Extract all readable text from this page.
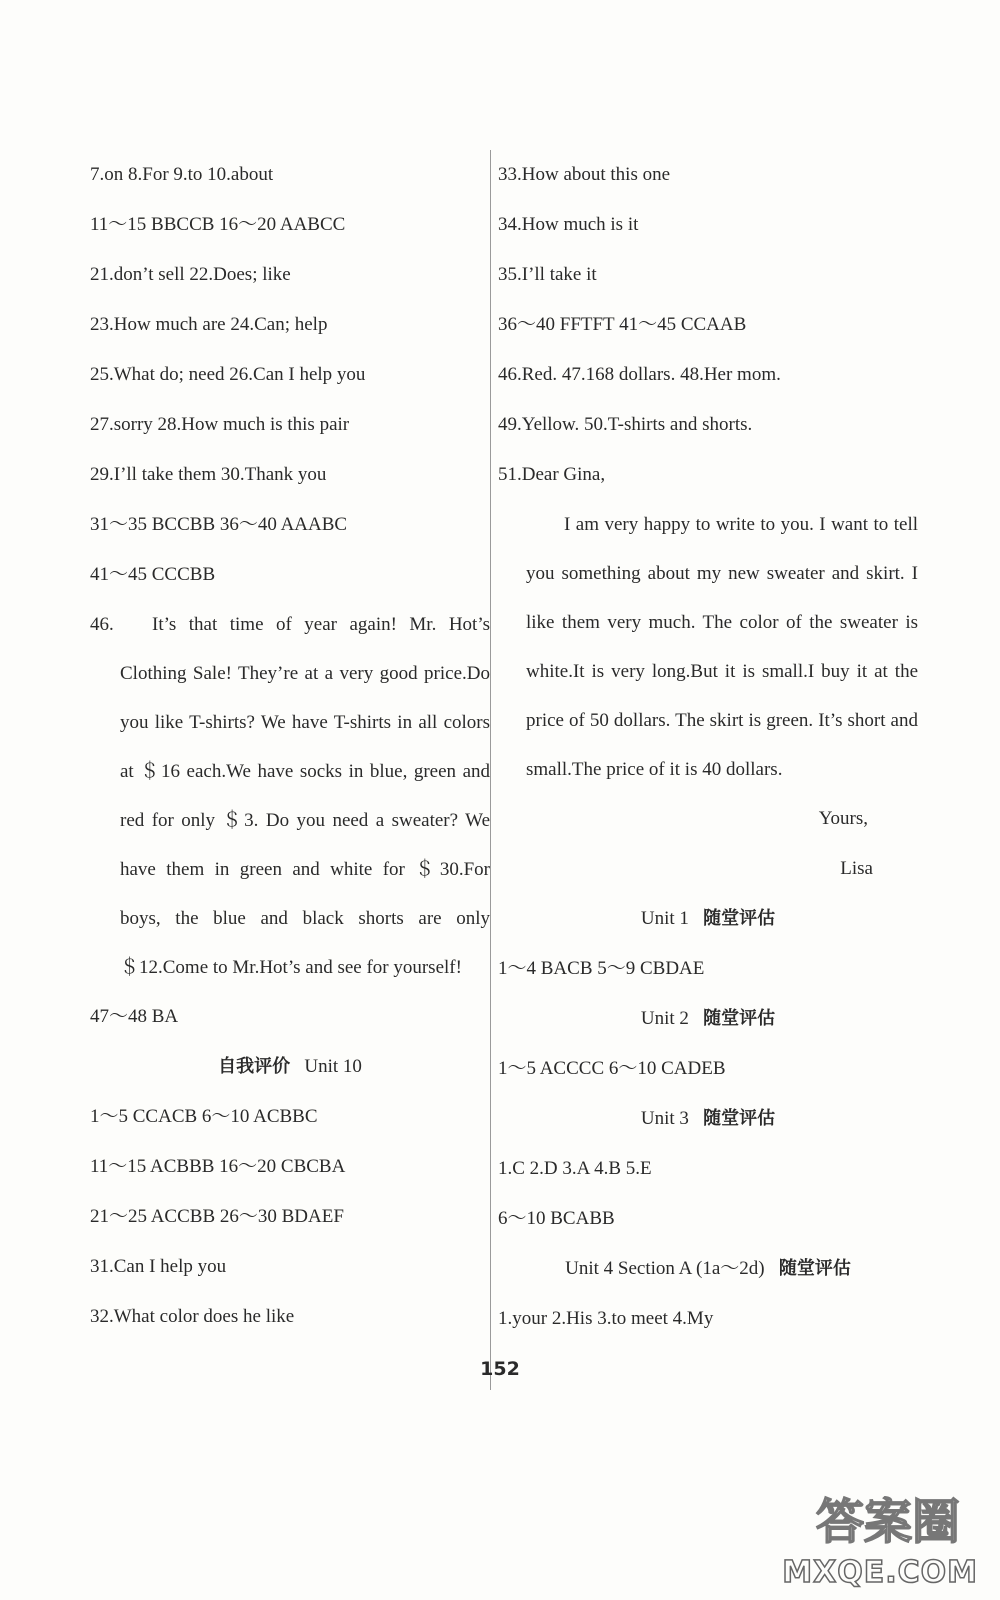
7.on 8.For 9.to 10.about
11～15 BBCCB 16～20 AABCC
21.don’t sell 22.Does; like
23.How much are 24.Can; help
25.What do; need 26.Can I help you
27.sorry 28.How much is this pair
29.I’ll take them 30.Thank you
31～35 BCCBB 36～40 AAABC
41～45 CCCBB
46. It’s that time of year again! Mr. Hot’s Clothing Sale! They’re at a very good price.Do you like T-shirts? We have T-shirts in all colors at ＄16 each.We have socks in blue, green and red for only ＄3. Do you need a sweater? We have them in green and white for ＄30.For boys, the blue and black shorts are only ＄12.Come to Mr.Hot’s and see for yourself!
47～48 BA
自我评价 Unit 10
1～5 CCACB 6～10 ACBBC
11～15 ACBBB 16～20 CBCBA
21～25 ACCBB 26～30 BDAEF
31.Can I help you
32.What color does he like
33.How about this one
34.How much is it
35.I’ll take it
36～40 FFTFT 41～45 CCAAB
46.Red. 47.168 dollars. 48.Her mom.
49.Yellow. 50.T-shirts and shorts.
51.Dear Gina,
I am very happy to write to you. I want to tell you something about my new sweater and skirt. I like them very much. The color of the sweater is white.It is very long.But it is small.I buy it at the price of 50 dollars. The skirt is green. It’s short and small.The price of it is 40 dollars.
Yours,
Lisa
Unit 1 随堂评估
1～4 BACB 5～9 CBDAE
Unit 2 随堂评估
1～5 ACCCC 6～10 CADEB
Unit 3 随堂评估
1.C 2.D 3.A 4.B 5.E
6～10 BCABB
Unit 4 Section A (1a～2d) 随堂评估
1.your 2.His 3.to meet 4.My
152
答案圈
MXQE.COM
